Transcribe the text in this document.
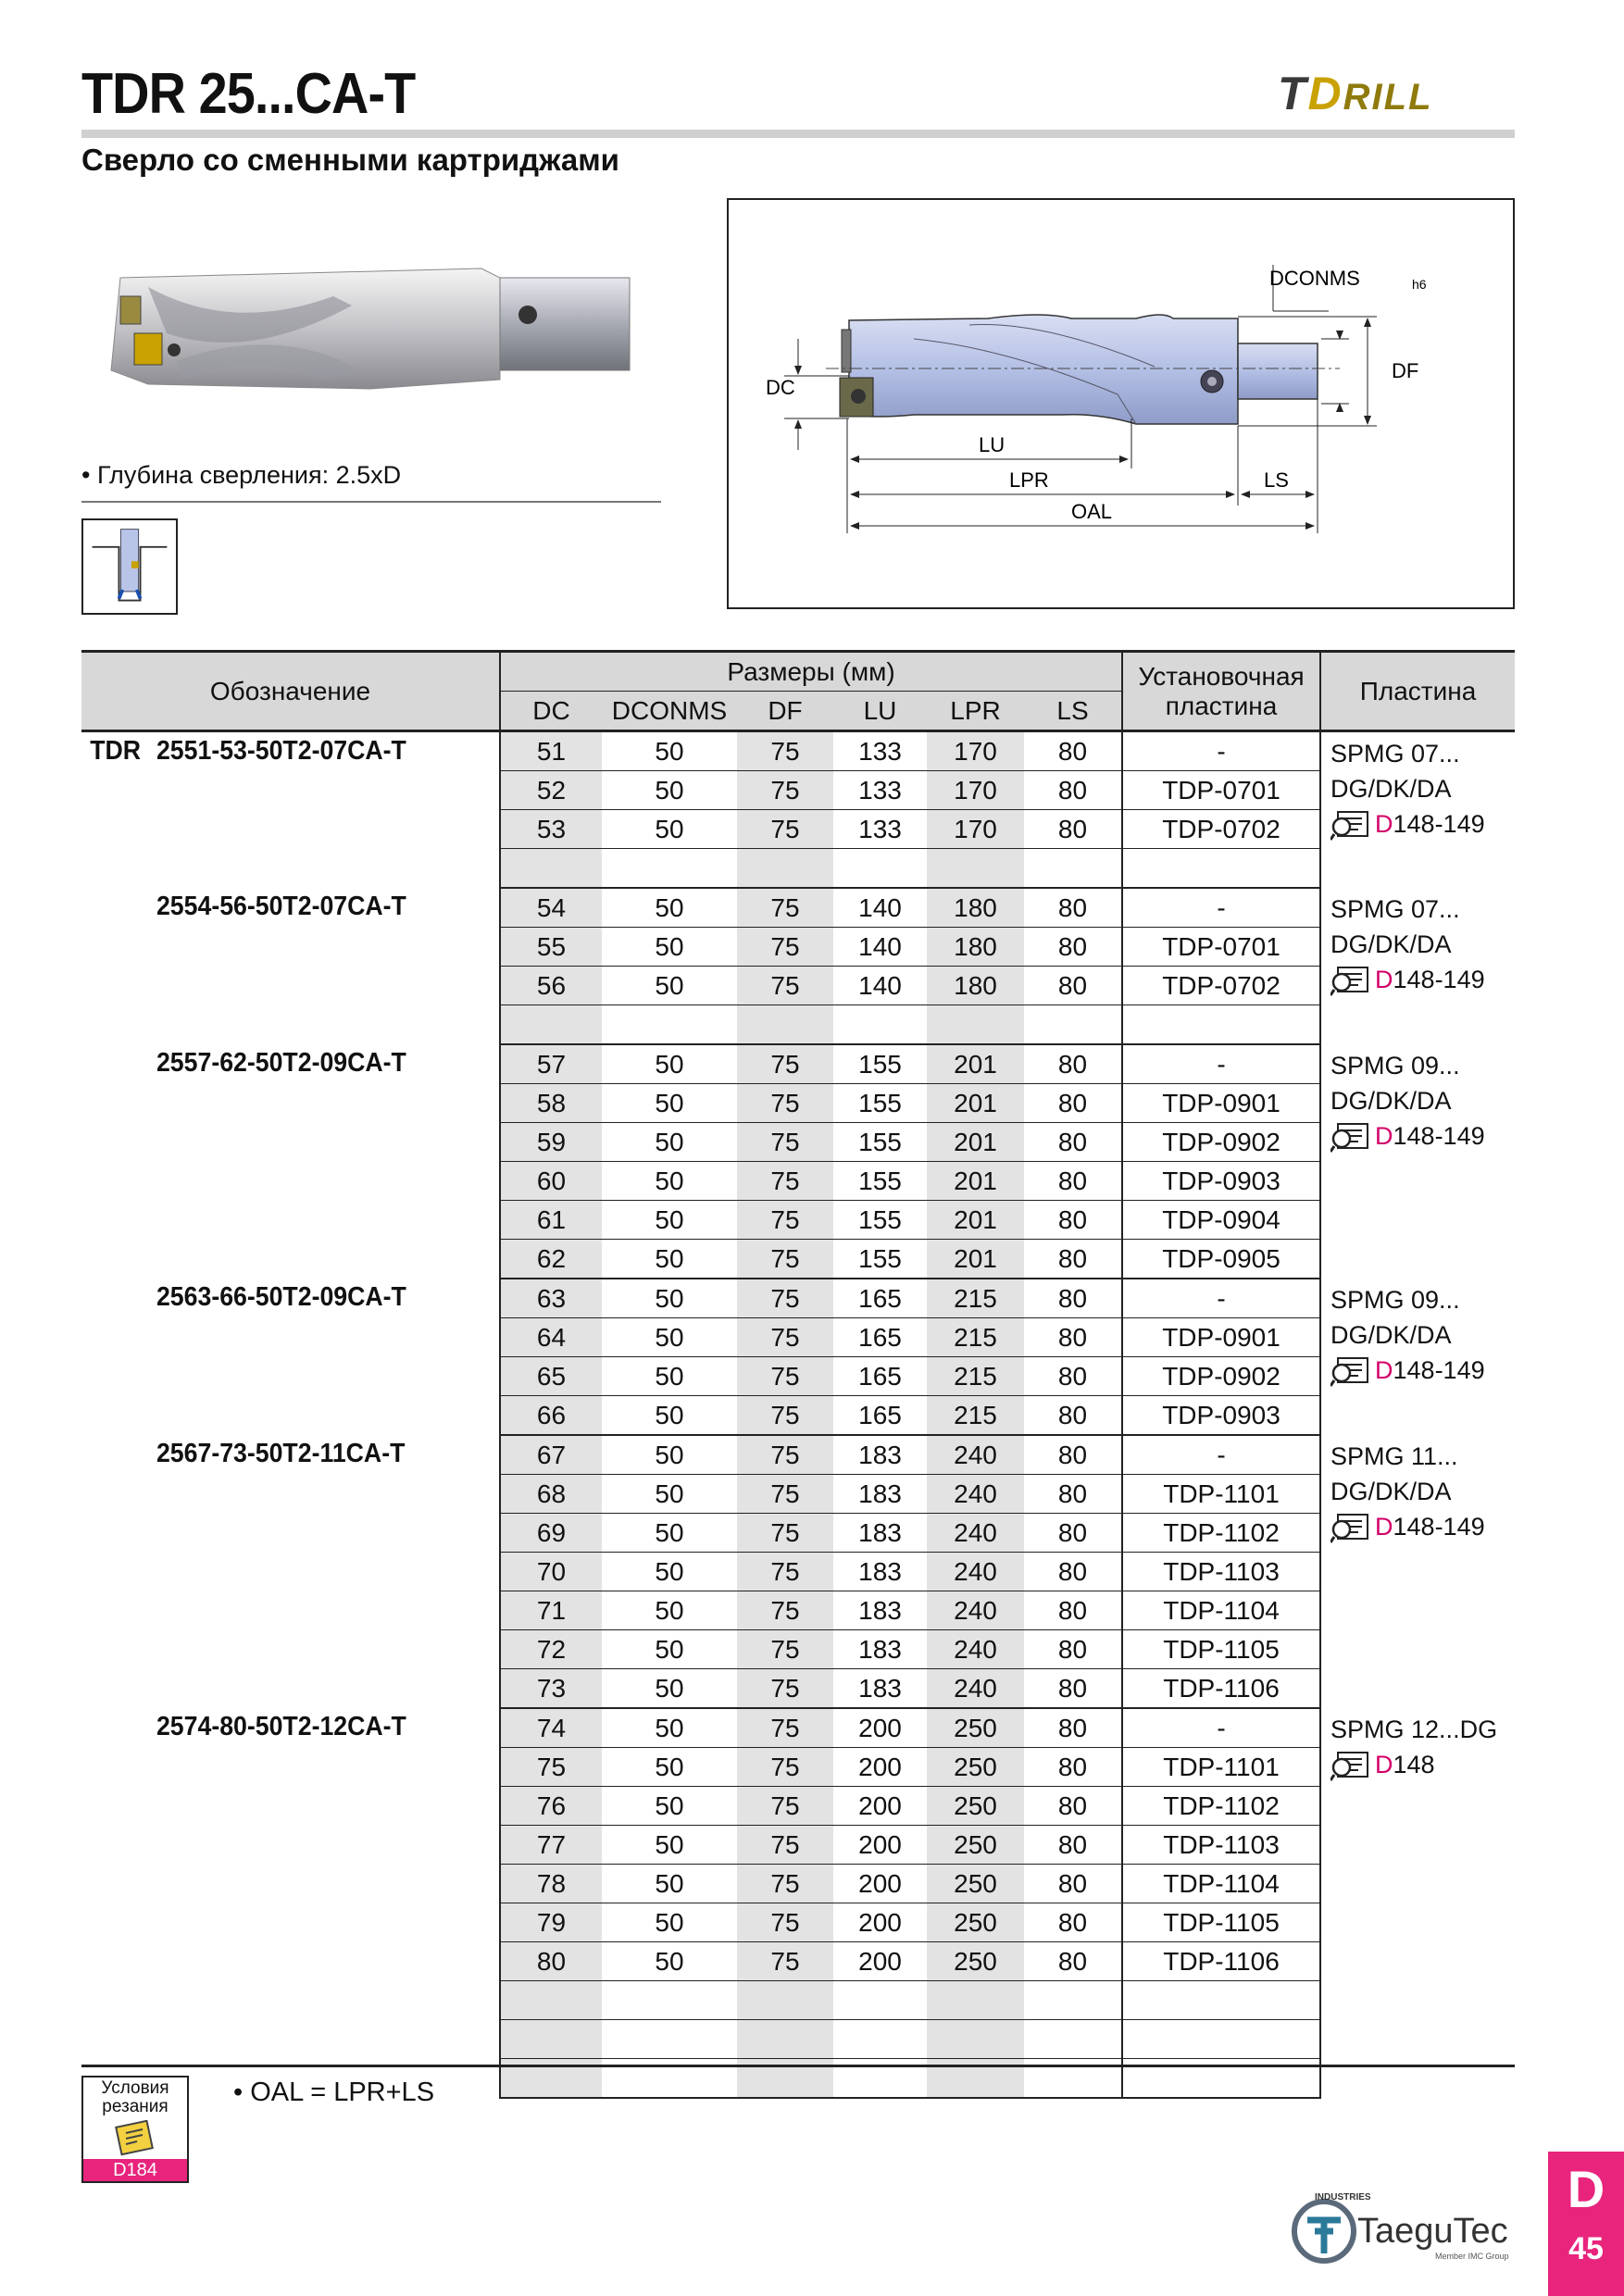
TDR 25...CA-T	TDRILL
Сверло со сменными картриджами
• Глубина сверления: 2.5xD
DCONMS	h6
DF
DC
LU
LPR	LS
OAL
Обозначение	Размеры (мм)						Установочная пластина	Пластина
	DC	DCONMS	DF	LU	LPR	LS		
TDR 2551-53-50T2-07CA-T	51	50	75	133	170	80	-	SPMG 07...
DG/DK/DA
D148-149

	52	50	75	133	170	80	TDP-0701	
	53	50	75	133	170	80	TDP-0702	

2554-56-50T2-07CA-T	54	50	75	140	180	80	-	SPMG 07...
DG/DK/DA
D148-149

	55	50	75	140	180	80	TDP-0701	
	56	50	75	140	180	80	TDP-0702	

2557-62-50T2-09CA-T	57	50	75	155	201	80	-	SPMG 09...
DG/DK/DA
D148-149

	58	50	75	155	201	80	TDP-0901	
	59	50	75	155	201	80	TDP-0902	
	60	50	75	155	201	80	TDP-0903	
	61	50	75	155	201	80	TDP-0904	
	62	50	75	155	201	80	TDP-0905	
2563-66-50T2-09CA-T	63	50	75	165	215	80	-	SPMG 09...
DG/DK/DA
D148-149

	64	50	75	165	215	80	TDP-0901	
	65	50	75	165	215	80	TDP-0902	
	66	50	75	165	215	80	TDP-0903	
2567-73-50T2-11CA-T	67	50	75	183	240	80	-	SPMG 11...
DG/DK/DA
D148-149

	68	50	75	183	240	80	TDP-1101	
	69	50	75	183	240	80	TDP-1102	
	70	50	75	183	240	80	TDP-1103	
	71	50	75	183	240	80	TDP-1104	
	72	50	75	183	240	80	TDP-1105	
	73	50	75	183	240	80	TDP-1106	
2574-80-50T2-12CA-T	74	50	75	200	250	80	-	SPMG 12...DG
D148

	75	50	75	200	250	80	TDP-1101	
	76	50	75	200	250	80	TDP-1102	
	77	50	75	200	250	80	TDP-1103	
	78	50	75	200	250	80	TDP-1104	
	79	50	75	200	250	80	TDP-1105	
	80	50	75	200	250	80	TDP-1106	

Условия резания
D184
• OAL = LPR+LS
INDUSTRIES
TaeguTec
Member IMC Group
D
45
